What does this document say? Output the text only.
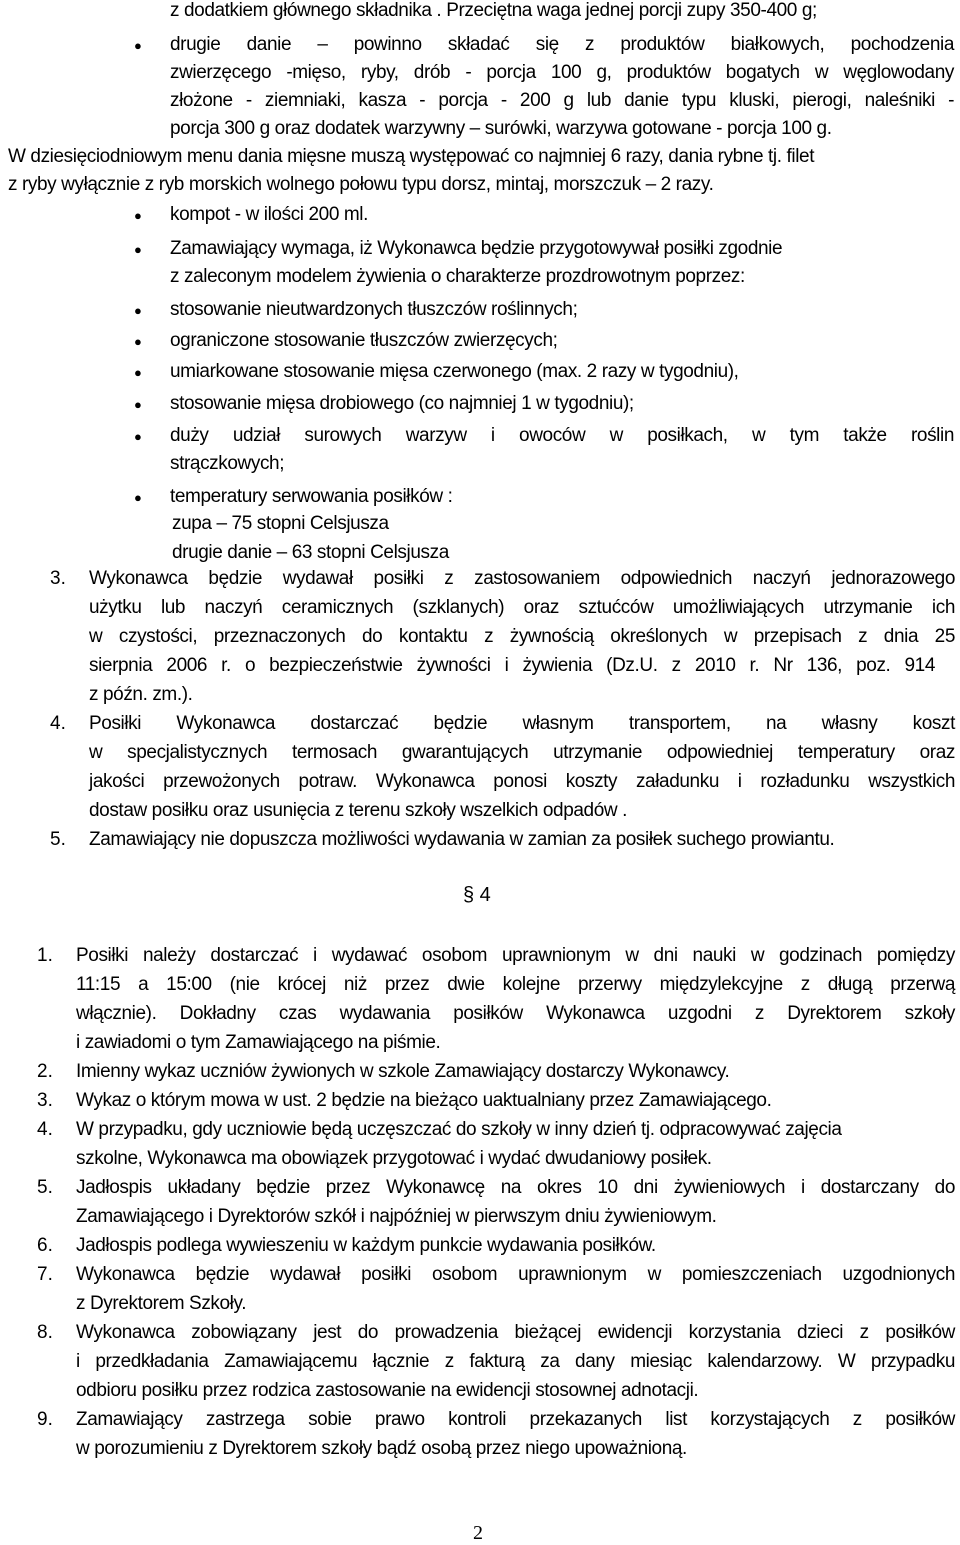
z dodatkiem głównego składnika . Przeciętna waga jednej porcji zupy 350-400 g;
● drugie danie – powinno składać się z produktów białkowych, pochodzenia
zwierzęcego -mięso, ryby, drób - porcja 100 g, produktów bogatych w węglowodany
złożone - ziemniaki, kasza - porcja - 200 g lub danie typu kluski, pierogi, naleśniki -
porcja 300 g oraz dodatek warzywny – surówki, warzywa gotowane - porcja 100 g.
W dziesięciodniowym menu dania mięsne muszą występować co najmniej 6 razy, dania rybne tj. filet
z ryby wyłącznie z ryb morskich wolnego połowu typu dorsz, mintaj, morszczuk – 2 razy.
● kompot - w ilości 200 ml.
● Zamawiający wymaga, iż Wykonawca będzie przygotowywał posiłki zgodnie
z zaleconym modelem żywienia o charakterze prozdrowotnym poprzez:
● stosowanie nieutwardzonych tłuszczów roślinnych;
● ograniczone stosowanie tłuszczów zwierzęcych;
● umiarkowane stosowanie mięsa czerwonego (max. 2 razy w tygodniu),
● stosowanie mięsa drobiowego (co najmniej 1 w tygodniu);
● duży udział surowych warzyw i owoców w posiłkach, w tym także roślin
strączkowych;
● temperatury serwowania posiłków :
zupa – 75 stopni Celsjusza
drugie danie – 63 stopni Celsjusza
3. Wykonawca będzie wydawał posiłki z zastosowaniem odpowiednich naczyń jednorazowego
użytku lub naczyń ceramicznych (szklanych) oraz sztućców umożliwiających utrzymanie ich
w czystości, przeznaczonych do kontaktu z żywnością określonych w przepisach z dnia 25
sierpnia 2006 r. o bezpieczeństwie żywności i żywienia (Dz.U. z 2010 r. Nr 136, poz. 914
z późn. zm.).
4. Posiłki Wykonawca dostarczać będzie własnym transportem, na własny koszt
w specjalistycznych termosach gwarantujących utrzymanie odpowiedniej temperatury oraz
jakości przewożonych potraw. Wykonawca ponosi koszty załadunku i rozładunku wszystkich
dostaw posiłku oraz usunięcia z terenu szkoły wszelkich odpadów .
5. Zamawiający nie dopuszcza możliwości wydawania w zamian za posiłek suchego prowiantu.
§ 4
1. Posiłki należy dostarczać i wydawać osobom uprawnionym w dni nauki w godzinach pomiędzy
11:15 a 15:00 (nie krócej niż przez dwie kolejne przerwy międzylekcyjne z długą przerwą
włącznie). Dokładny czas wydawania posiłków Wykonawca uzgodni z Dyrektorem szkoły
i zawiadomi o tym Zamawiającego na piśmie.
2. Imienny wykaz uczniów żywionych w szkole Zamawiający dostarczy Wykonawcy.
3. Wykaz o którym mowa w ust. 2 będzie na bieżąco uaktualniany przez Zamawiającego.
4. W przypadku, gdy uczniowie będą uczęszczać do szkoły w inny dzień tj. odpracowywać zajęcia
szkolne, Wykonawca ma obowiązek przygotować i wydać dwudaniowy posiłek.
5. Jadłospis układany będzie przez Wykonawcę na okres 10 dni żywieniowych i dostarczany do
Zamawiającego i Dyrektorów szkół i najpóźniej w pierwszym dniu żywieniowym.
6. Jadłospis podlega wywieszeniu w każdym punkcie wydawania posiłków.
7. Wykonawca będzie wydawał posiłki osobom uprawnionym w pomieszczeniach uzgodnionych
z Dyrektorem Szkoły.
8. Wykonawca zobowiązany jest do prowadzenia bieżącej ewidencji korzystania dzieci z posiłków
i przedkładania Zamawiającemu łącznie z fakturą za dany miesiąc kalendarzowy. W przypadku
odbioru posiłku przez rodzica zastosowanie na ewidencji stosownej adnotacji.
9. Zamawiający zastrzega sobie prawo kontroli przekazanych list korzystających z posiłków
w porozumieniu z Dyrektorem szkoły bądź osobą przez niego upoważnioną.
2
